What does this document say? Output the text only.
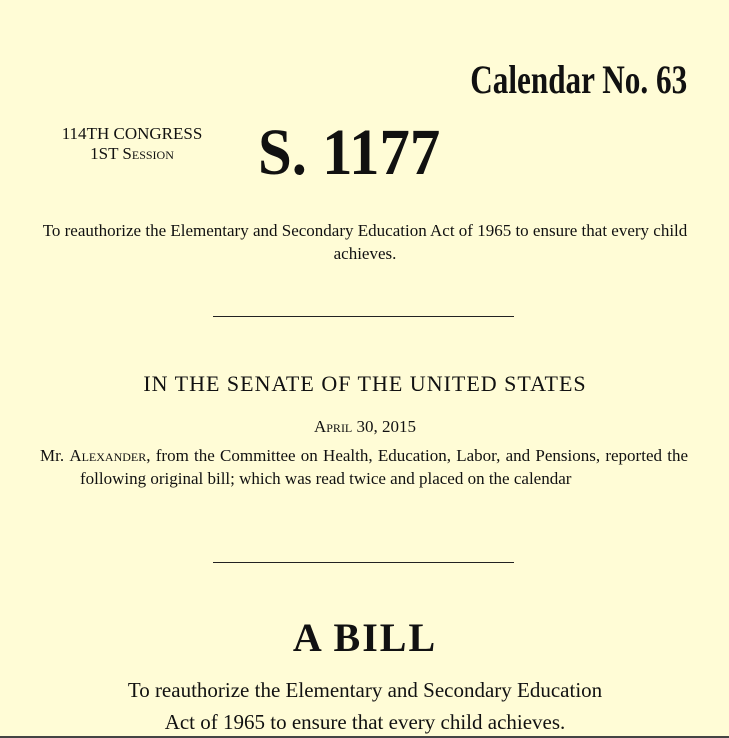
Calendar No. 63
114TH CONGRESS
1ST Session	S. 1177
To reauthorize the Elementary and Secondary Education Act of 1965 to ensure that every child achieves.
IN THE SENATE OF THE UNITED STATES
April 30, 2015
Mr. Alexander, from the Committee on Health, Education, Labor, and Pensions, reported the following original bill; which was read twice and placed on the calendar
A BILL
To reauthorize the Elementary and Secondary Education
Act of 1965 to ensure that every child achieves.
